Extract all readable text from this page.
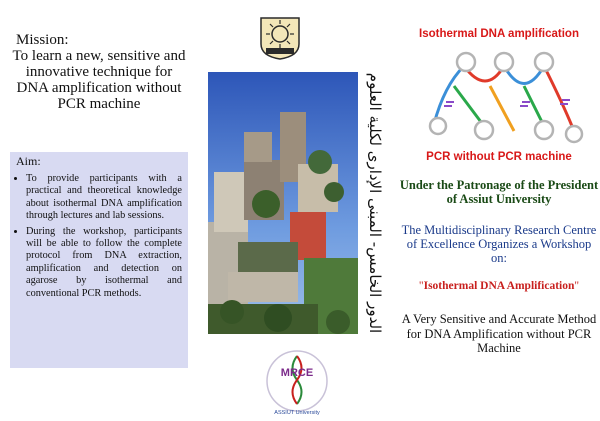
Mission:
To learn a new, sensitive and innovative technique for DNA amplification without PCR machine
Aim:
• To provide participants with a practical and theoretical knowledge about isothermal DNA amplification through lectures and lab sessions.
• During the workshop, participants will be able to follow the complete protocol from DNA extraction, amplification and detection on agarose by isothermal and conventional PCR methods.	الدور الخامس- المبنى الإدارى لكلية العلوم
MRCE
ASSIUT University
Isothermal DNA amplification
PCR without PCR machine
Under the Patronage of the President of Assiut University
The Multidisciplinary Research Centre of Excellence Organizes a Workshop on:
"Isothermal DNA Amplification"
A Very Sensitive and Accurate Method for DNA Amplification without PCR Machine
